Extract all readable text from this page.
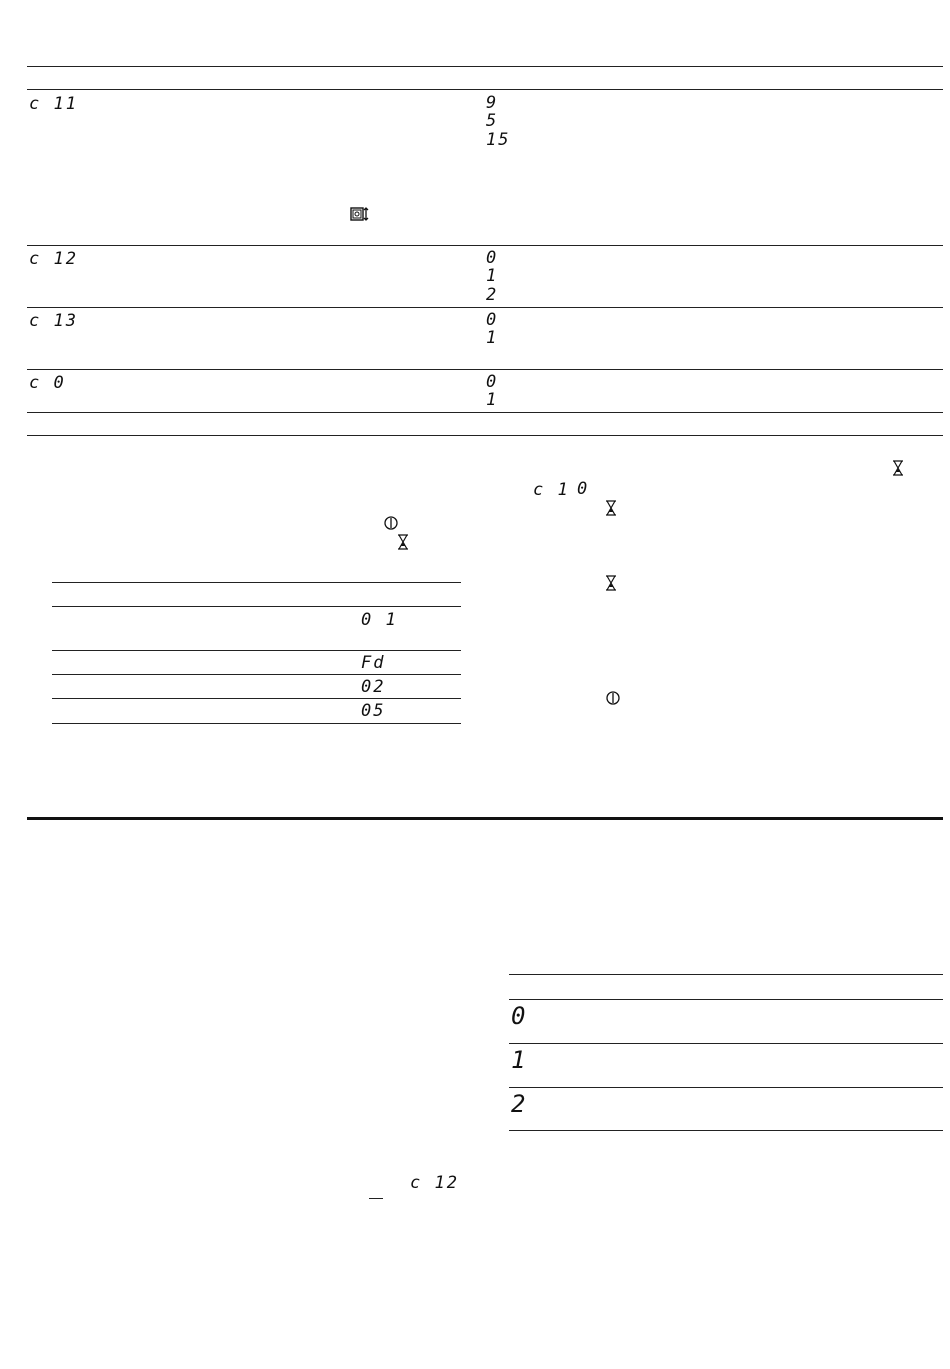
c 11	9
5
15
c 12	0
1
2
c 13	0
1
c 0	0
1
0 1
Fd
02
05
c 1 0
0
1
2
c 12
